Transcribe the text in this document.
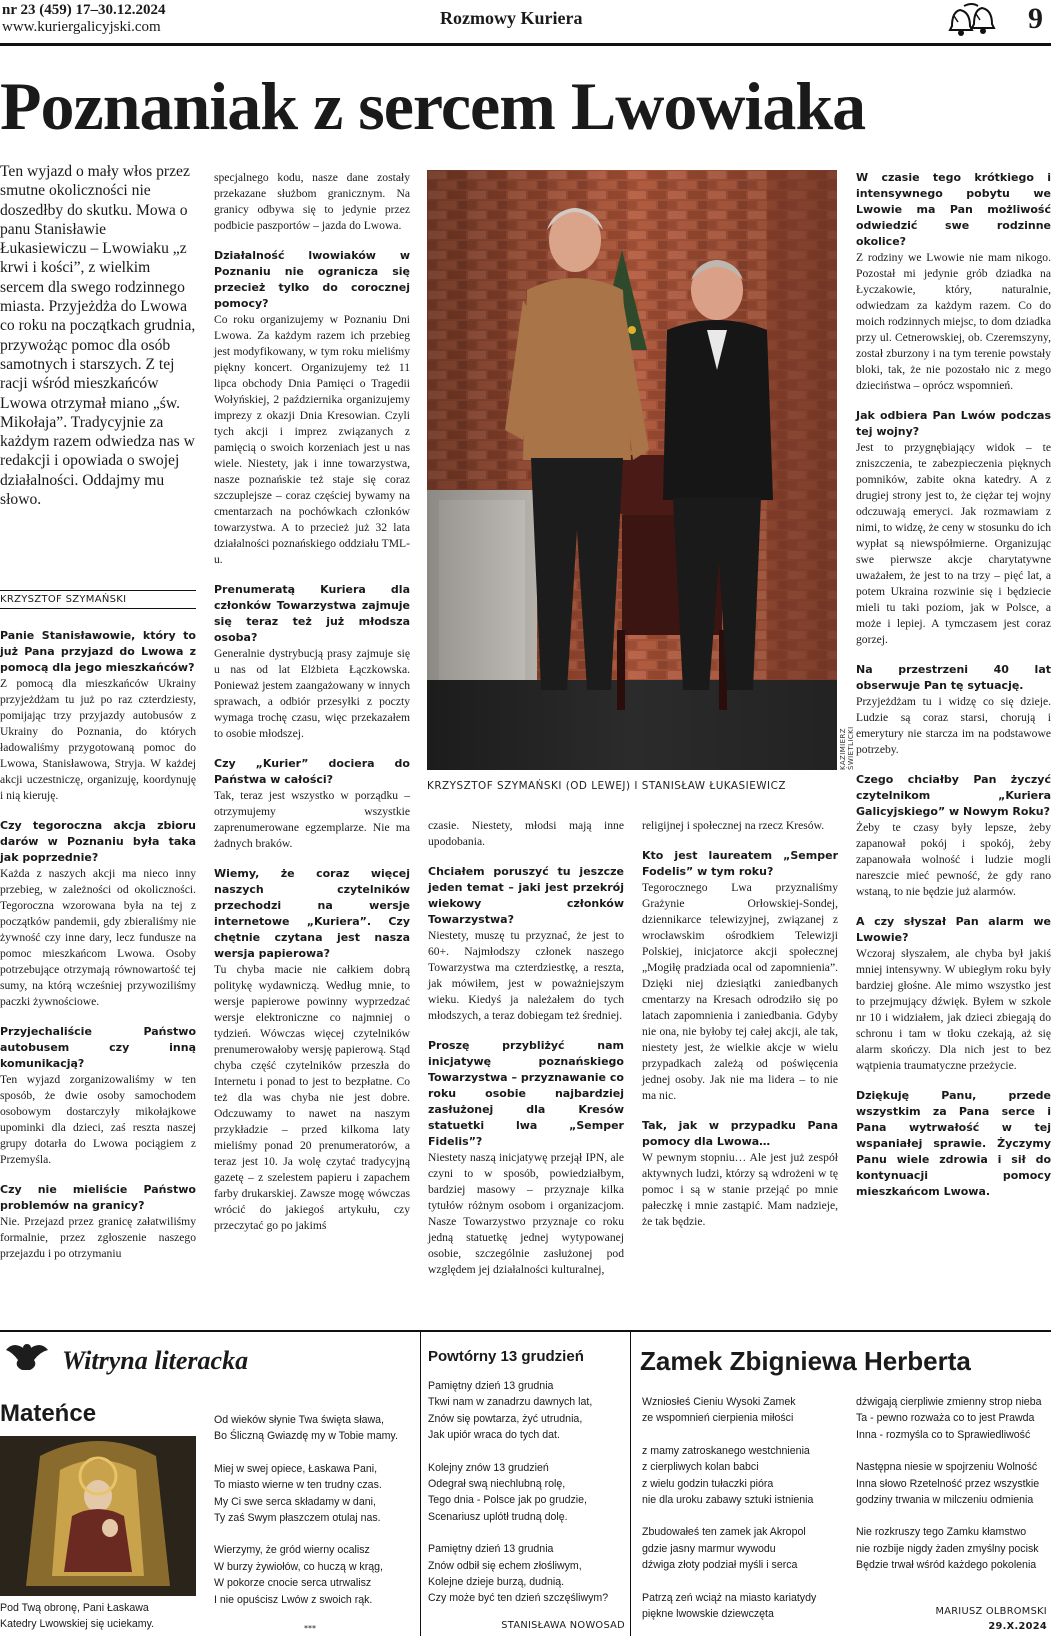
nr 23 (459) 17–30.12.2024
www.kuriergalicyjski.com	Rozmowy Kuriera	9
Poznaniak z sercem Lwowiaka
Ten wyjazd o mały włos przez smutne okoliczności nie doszedłby do skutku. Mowa o panu Stanisławie Łukasiewiczu – Lwowiaku „z krwi i kości”, z wielkim sercem dla swego rodzinnego miasta. Przyjeżdża do Lwowa co roku na początkach grudnia, przywożąc pomoc dla osób samotnych i starszych. Z tej racji wśród mieszkańców Lwowa otrzymał miano „św. Mikołaja”. Tradycyjnie za każdym razem odwiedza nas w redakcji i opowiada o swojej działalności. Oddajmy mu słowo.
KRZYSZTOF SZYMAŃSKI

Panie Stanisławowie, który to już Pana przyjazd do Lwowa z pomocą dla jego mieszkańców?
Z pomocą dla mieszkańców Ukrainy przyjeżdżam tu już po raz czterdziesty, pomijając trzy przyjazdy autobusów z Ukrainy do Poznania, do których ładowaliśmy przygotowaną pomoc do Lwowa, Stanisławowa, Stryja. W każdej akcji uczestniczę, organizuję, koordynuję i nią kieruję.

Czy tegoroczna akcja zbioru darów w Poznaniu była taka jak poprzednie?
Każda z naszych akcji ma nieco inny przebieg, w zależności od okoliczności. Tegoroczna wzorowana była na tej z początków pandemii, gdy zbieraliśmy nie żywność czy inne dary, lecz fundusze na pomoc mieszkańcom Lwowa. Osoby potrzebujące otrzymają równowartość tej sumy, na którą wcześniej przywoziliśmy paczki żywnościowe.

Przyjechaliście Państwo autobusem czy inną komunikacją?
Ten wyjazd zorganizowaliśmy w ten sposób, że dwie osoby samochodem osobowym dostarczyły mikołajkowe upominki dla dzieci, zaś reszta naszej grupy dotarła do Lwowa pociągiem z Przemyśla.

Czy nie mieliście Państwo problemów na granicy?
Nie. Przejazd przez granicę załatwiliśmy formalnie, przez zgłoszenie naszego przejazdu i po otrzymaniu

specjalnego kodu, nasze dane zostały przekazane służbom granicznym. Na granicy odbywa się to jedynie przez podbicie paszportów – jazda do Lwowa.

Działalność lwowiaków w Poznaniu nie ogranicza się przecież tylko do corocznej pomocy?
Co roku organizujemy w Poznaniu Dni Lwowa. Za każdym razem ich przebieg jest modyfikowany, w tym roku mieliśmy piękny koncert. Organizujemy też 11 lipca obchody Dnia Pamięci o Tragedii Wołyńskiej, 2 października organizujemy imprezy z okazji Dnia Kresowian. Czyli tych akcji i imprez związanych z pamięcią o swoich korzeniach jest u nas wiele. Niestety, jak i inne towarzystwa, nasze poznańskie też staje się coraz szczuplejsze – coraz częściej bywamy na cmentarzach na pochówkach członków towarzystwa. A to przecież już 32 lata działalności poznańskiego oddziału TML-u.

Prenumeratą Kuriera dla członków Towarzystwa zajmuje się teraz też już młodsza osoba?
Generalnie dystrybucją prasy zajmuje się u nas od lat Elżbieta Łączkowska. Ponieważ jestem zaangażowany w innych sprawach, a odbiór przesyłki z poczty wymaga trochę czasu, więc przekazałem to osobie młodszej.

Czy „Kurier” dociera do Państwa w całości?
Tak, teraz jest wszystko w porządku – otrzymujemy wszystkie zaprenumerowane egzemplarze. Nie ma żadnych braków.

Wiemy, że coraz więcej naszych czytelników przechodzi na wersje internetowe „Kuriera”. Czy chętnie czytana jest nasza wersja papierowa?
Tu chyba macie nie całkiem dobrą politykę wydawniczą. Według mnie, to wersje papierowe powinny wyprzedzać wersje elektroniczne co najmniej o tydzień. Wówczas więcej czytelników prenumerowałoby wersję papierową. Stąd chyba część czytelników przeszła do Internetu i ponad to jest to bezpłatne. Co też dla was chyba nie jest dobre. Odczuwamy to nawet na naszym przykładzie – przed kilkoma laty mieliśmy ponad 20 prenumeratorów, a teraz jest 10. Ja wolę czytać tradycyjną gazetę – z szelestem papieru i zapachem farby drukarskiej. Zawsze mogę wówczas wrócić do jakiegoś artykułu, czy przeczytać go po jakimś

czasie. Niestety, młodsi mają inne upodobania.

Chciałem poruszyć tu jeszcze jeden temat – jaki jest przekrój wiekowy członków Towarzystwa?
Niestety, muszę tu przyznać, że jest to 60+. Najmłodszy członek naszego Towarzystwa ma czterdziestkę, a reszta, jak mówiłem, jest w poważniejszym wieku. Kiedyś ja należałem do tych młodszych, a teraz dobiegam też średniej.

Proszę przybliżyć nam inicjatywę poznańskiego Towarzystwa – przyznawanie co roku osobie najbardziej zasłużonej dla Kresów statuetki lwa „Semper Fidelis”?
Niestety naszą inicjatywę przejął IPN, ale czyni to w sposób, powiedziałbym, bardziej masowy – przyznaje kilka tytułów różnym osobom i organizacjom. Nasze Towarzystwo przyznaje co roku jedną statuetkę jednej wytypowanej osobie, szczególnie zasłużonej pod względem jej działalności kulturalnej,

religijnej i społecznej na rzecz Kresów.

Kto jest laureatem „Semper Fodelis” w tym roku?
Tegorocznego Lwa przyznaliśmy Grażynie Orłowskiej-Sondej, dziennikarce telewizyjnej, związanej z wrocławskim ośrodkiem Telewizji Polskiej, inicjatorce akcji społecznej „Mogiłę pradziada ocal od zapomnienia”. Dzięki niej dziesiątki zaniedbanych cmentarzy na Kresach odrodziło się po latach zapomnienia i zaniedbania. Gdyby nie ona, nie byłoby tej całej akcji, ale tak, niestety jest, że wielkie akcje w wielu przypadkach zależą od poświęcenia jednej osoby. Jak nie ma lidera – to nie ma nic.

Tak, jak w przypadku Pana pomocy dla Lwowa…
W pewnym stopniu… Ale jest już zespół aktywnych ludzi, którzy są wdrożeni w tę pomoc i są w stanie przejąć po mnie pałeczkę i mnie zastąpić. Mam nadzieje, że tak będzie.

W czasie tego krótkiego i intensywnego pobytu we Lwowie ma Pan możliwość odwiedzić swe rodzinne okolice?
Z rodziny we Lwowie nie mam nikogo. Pozostał mi jedynie grób dziadka na Łyczakowie, który, naturalnie, odwiedzam za każdym razem. Co do moich rodzinnych miejsc, to dom dziadka przy ul. Cetnerowskiej, ob. Czeremszyny, został zburzony i na tym terenie powstały bloki, tak, że nie pozostało nic z mego dzieciństwa – oprócz wspomnień.

Jak odbiera Pan Lwów podczas tej wojny?
Jest to przygnębiający widok – te zniszczenia, te zabezpieczenia pięknych pomników, zabite okna katedry. A z drugiej strony jest to, że ciężar tej wojny odczuwają emeryci. Jak rozmawiam z nimi, to widzę, że ceny w stosunku do ich wypłat są niewspółmierne. Organizując swe pierwsze akcje charytatywne uważałem, że jest to na trzy – pięć lat, a potem Ukraina rozwinie się i będziecie mieli tu taki poziom, jak w Polsce, a może i lepiej. A tymczasem jest coraz gorzej.

Na przestrzeni 40 lat obserwuje Pan tę sytuację.
Przyjeżdżam tu i widzę co się dzieje. Ludzie są coraz starsi, chorują i emerytury nie starcza im na podstawowe potrzeby.

Czego chciałby Pan życzyć czytelnikom „Kuriera Galicyjskiego” w Nowym Roku?
Żeby te czasy były lepsze, żeby zapanował pokój i spokój, żeby zapanowała wolność i ludzie mogli nareszcie mieć pewność, że gdy rano wstaną, to nie będzie już alarmów.

A czy słyszał Pan alarm we Lwowie?
Wczoraj słyszałem, ale chyba był jakiś mniej intensywny. W ubiegłym roku były bardziej głośne. Ale mimo wszystko jest to przejmujący dźwięk. Byłem w szkole nr 10 i widziałem, jak dzieci zbiegają do schronu i tam w tłoku czekają, aż się alarm skończy. Dla nich jest to bez wątpienia traumatyczne przeżycie.

Dziękuję Panu, przede wszystkim za Pana serce i Pana wytrwałość w tej wspaniałej sprawie. Życzymy Panu wiele zdrowia i sił do kontynuacji pomocy mieszkańcom Lwowa.

KAZIMIERZ ŚWIETLICKI
KRZYSZTOF SZYMAŃSKI (OD LEWEJ) I STANISŁAW ŁUKASIEWICZ
Witryna literacka
Mateńce
Pod Twą obronę, Pani Łaskawa
Katedry Lwowskiej się uciekamy.
Od wieków słynie Twa święta sława,
Bo Śliczną Gwiazdę my w Tobie mamy.
Miej w swej opiece, Łaskawa Pani,
To miasto wierne w ten trudny czas.
My Ci swe serca składamy w dani,
Ty zaś Swym płaszczem otulaj nas.
Wierzymy, że gród wierny ocalisz
W burzy żywiołów, co huczą w krąg,
W pokorze cnocie serca utrwalisz
I nie opuścisz Lwów z swoich rąk.
***
Powtórny 13 grudzień
Pamiętny dzień 13 grudnia
Tkwi nam w zanadrzu dawnych lat,
Znów się powtarza, żyć utrudnia,
Jak upiór wraca do tych dat.
Kolejny znów 13 grudzień
Odegrał swą niechlubną rolę,
Tego dnia - Polsce jak po grudzie,
Scenariusz uplótł trudną dolę.
Pamiętny dzień 13 grudnia
Znów odbił się echem złośliwym,
Kolejne dzieje burzą, dudnią.
Czy może być ten dzień szczęśliwym?
STANISŁAWA NOWOSAD
Zamek Zbigniewa Herberta
Wzniosłeś Cieniu Wysoki Zamek
ze wspomnień cierpienia miłości
z mamy zatroskanego westchnienia
z cierpliwych kolan babci
z wielu godzin tułaczki pióra
nie dla uroku zabawy sztuki istnienia
Zbudowałeś ten zamek jak Akropol
gdzie jasny marmur wywodu
dźwiga złoty podział myśli i serca
Patrzą zeń wciąż na miasto kariatydy
piękne lwowskie dziewczęta
dźwigają cierpliwie zmienny strop nieba
Ta - pewno rozważa co to jest Prawda
Inna - rozmyśla co to Sprawiedliwość
Następna niesie w spojrzeniu Wolność
Inna słowo Rzetelność przez wszystkie
godziny trwania w milczeniu odmienia
Nie rozkruszy tego Zamku kłamstwo
nie rozbije nigdy żaden zmyślny pocisk
Będzie trwał wśród każdego pokolenia
MARIUSZ OLBROMSKI
29.X.2024
